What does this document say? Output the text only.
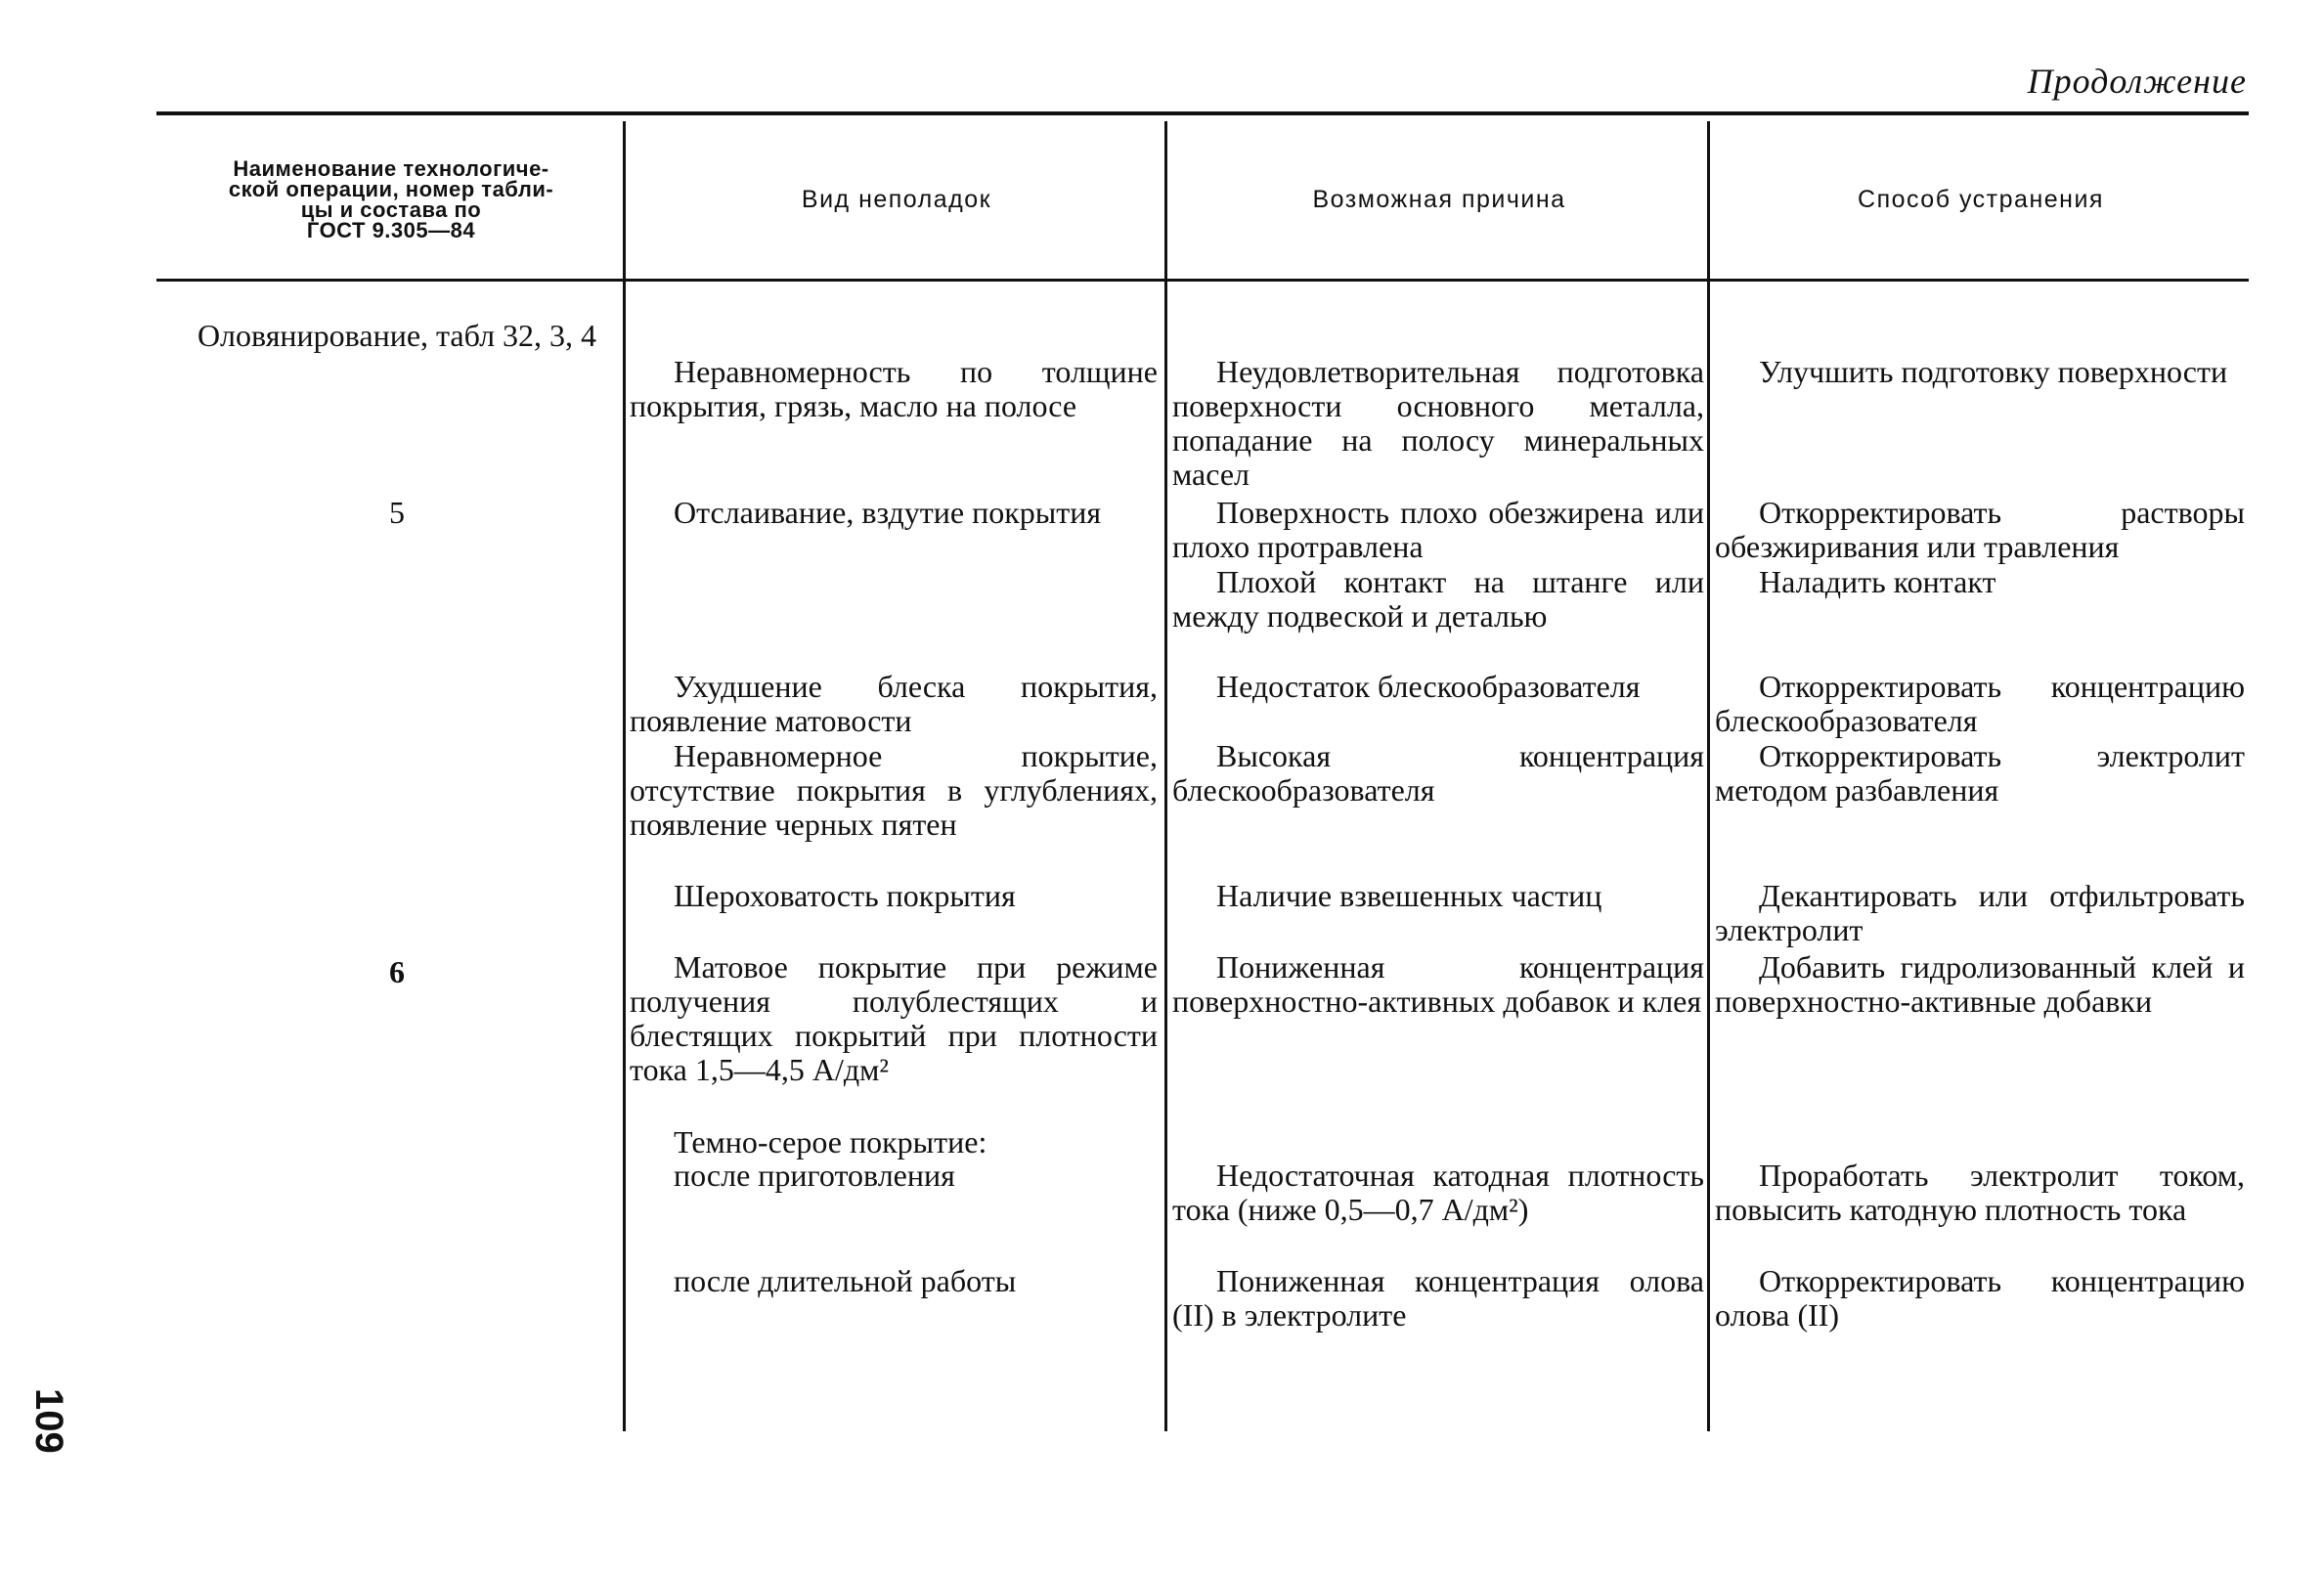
Продолжение
Наименование технологиче-
ской операции, номер табли-
цы и состава по
ГОСТ 9.305—84
Вид неполадок	Возможная причина	Способ устранения

Оловянирование, табл 32, 3, 4

5

6

Неравномерность по толщине покрытия, грязь, масло на полосе

Отслаивание, вздутие покрытия

Ухудшение блеска покрытия, появление матовости

Неравномерное покрытие, отсутствие покрытия в углублениях, появление черных пятен

Шероховатость покрытия

Матовое покрытие при режиме получения полублестящих и блестящих покрытий при плотности тока 1,5—4,5 А/дм²

Темно-серое покрытие:

после приготовления

после длительной работы

Неудовлетворительная подготовка поверхности основного металла, попадание на полосу минеральных масел

Поверхность плохо обезжирена или плохо протравлена

Плохой контакт на штанге или между подвеской и деталью

Недостаток блескообразователя

Высокая концентрация блескообразователя

Наличие взвешенных частиц

Пониженная концентрация поверхностно-активных добавок и клея

Недостаточная катодная плотность тока (ниже 0,5—0,7 А/дм²)

Пониженная концентрация олова (II) в электролите

Улучшить подготовку поверхности

Откорректировать растворы обезжиривания или травления

Наладить контакт

Откорректировать концентрацию блескообразователя

Откорректировать электролит методом разбавления

Декантировать или отфильтровать электролит

Добавить гидролизованный клей и поверхностно-активные добавки

Проработать электролит током, повысить катодную плотность тока

Откорректировать концентрацию олова (II)

109
